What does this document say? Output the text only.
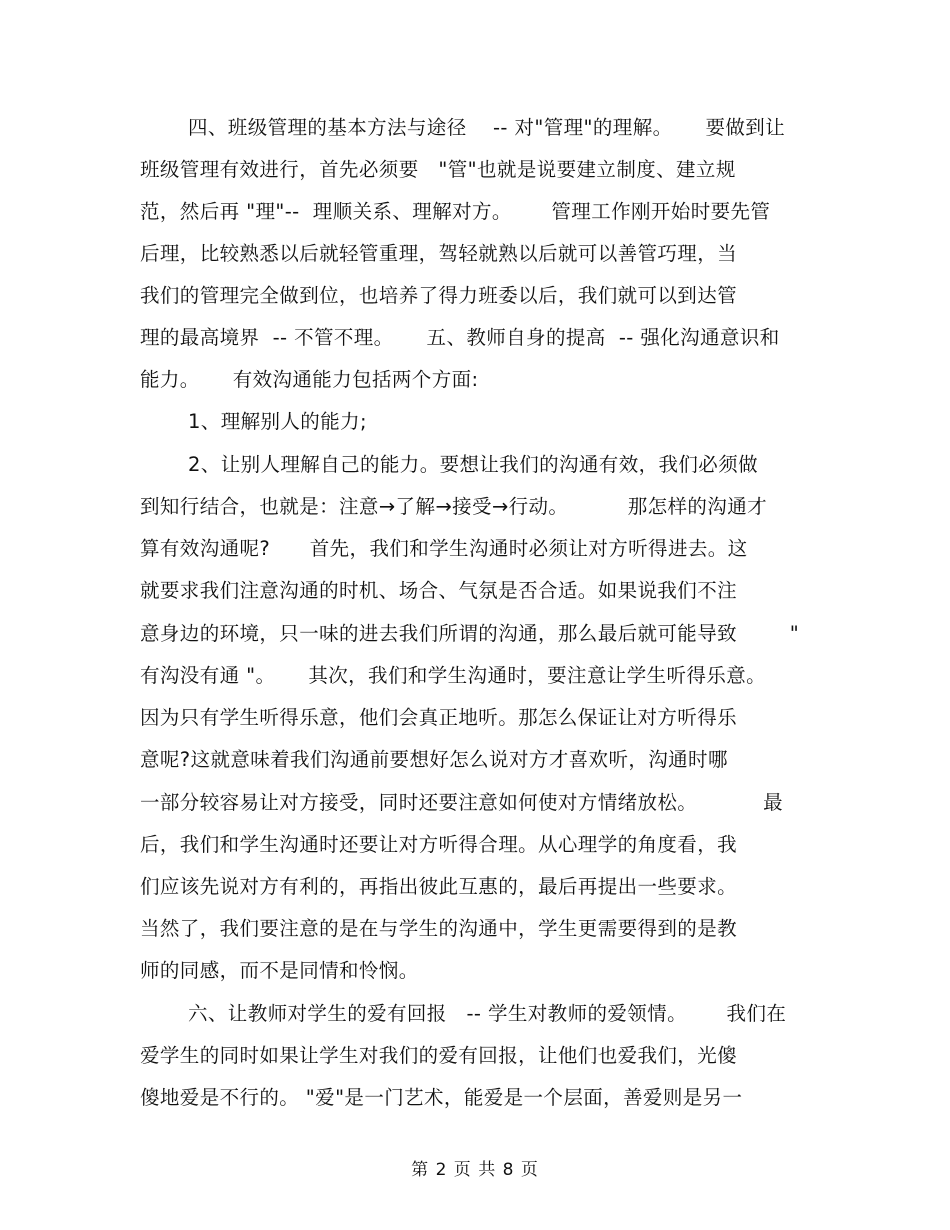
四、班级管理的基本方法与途径    -- 对"管理"的理解。     要做到让
班级管理有效进行，首先必须要   "管"也就是说要建立制度、建立规
范，然后再 "理"--  理顺关系、理解对方。      管理工作刚开始时要先管
后理，比较熟悉以后就轻管重理，驾轻就熟以后就可以善管巧理，当
我们的管理完全做到位，也培养了得力班委以后，我们就可以到达管
理的最高境界  -- 不管不理。     五、教师自身的提高  -- 强化沟通意识和
能力。     有效沟通能力包括两个方面:
1、理解别人的能力;
2、让别人理解自己的能力。要想让我们的沟通有效，我们必须做
到知行结合，也就是：注意→了解→接受→行动。         那怎样的沟通才
算有效沟通呢?      首先，我们和学生沟通时必须让对方听得进去。这
就要求我们注意沟通的时机、场合、气氛是否合适。如果说我们不注
意身边的环境，只一味的进去我们所谓的沟通，那么最后就可能导致        "
有沟没有通 "。     其次，我们和学生沟通时，要注意让学生听得乐意。
因为只有学生听得乐意，他们会真正地听。那怎么保证让对方听得乐
意呢?这就意味着我们沟通前要想好怎么说对方才喜欢听，沟通时哪
一部分较容易让对方接受，同时还要注意如何使对方情绪放松。          最
后，我们和学生沟通时还要让对方听得合理。从心理学的角度看，我
们应该先说对方有利的，再指出彼此互惠的，最后再提出一些要求。
当然了，我们要注意的是在与学生的沟通中，学生更需要得到的是教
师的同感，而不是同情和怜悯。
六、让教师对学生的爱有回报   -- 学生对教师的爱领情。      我们在
爱学生的同时如果让学生对我们的爱有回报，让他们也爱我们，光傻
傻地爱是不行的。 "爱"是一门艺术，能爱是一个层面，善爱则是另一
第 2 页 共 8 页
